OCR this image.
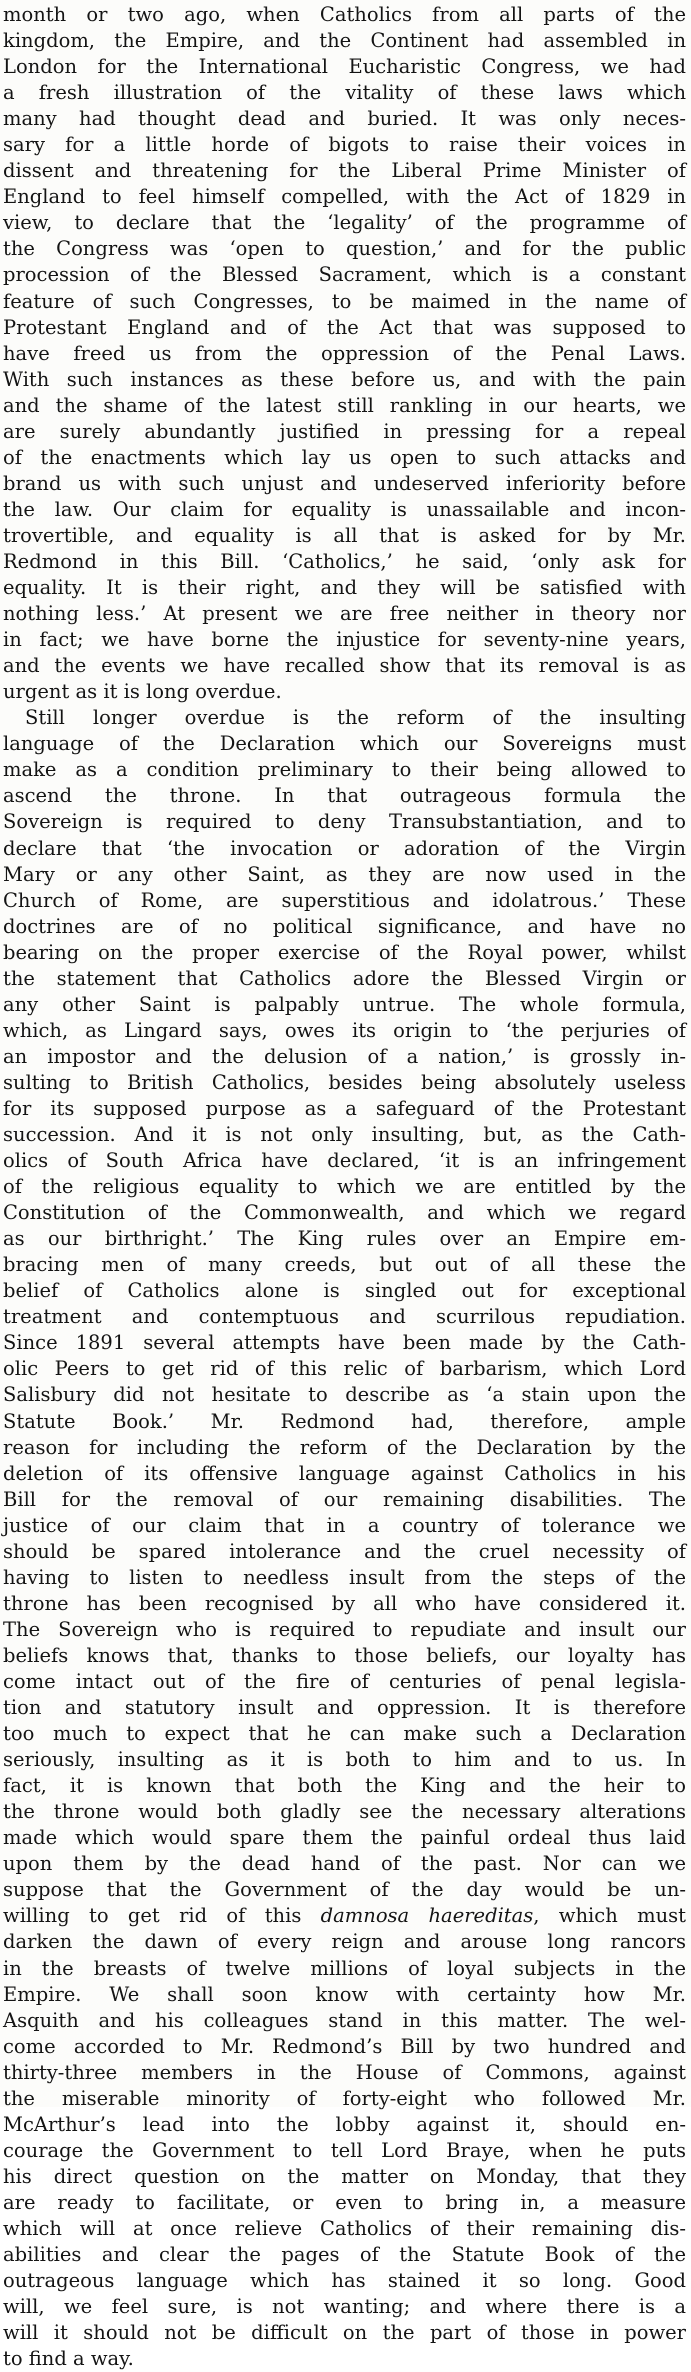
month or two ago, when Catholics from all parts of the
kingdom, the Empire, and the Continent had assembled in
London for the International Eucharistic Congress, we had
a fresh illustration of the vitality of these laws which
many had thought dead and buried. It was only neces-
sary for a little horde of bigots to raise their voices in
dissent and threatening for the Liberal Prime Minister of
England to feel himself compelled, with the Act of 1829 in
view, to declare that the ‘legality’ of the programme of
the Congress was ‘open to question,’ and for the public
procession of the Blessed Sacrament, which is a constant
feature of such Congresses, to be maimed in the name of
Protestant England and of the Act that was supposed to
have freed us from the oppression of the Penal Laws.
With such instances as these before us, and with the pain
and the shame of the latest still rankling in our hearts, we
are surely abundantly justified in pressing for a repeal
of the enactments which lay us open to such attacks and
brand us with such unjust and undeserved inferiority before
the law. Our claim for equality is unassailable and incon-
trovertible, and equality is all that is asked for by Mr.
Redmond in this Bill. ‘Catholics,’ he said, ‘only ask for
equality. It is their right, and they will be satisfied with
nothing less.’ At present we are free neither in theory nor
in fact; we have borne the injustice for seventy-nine years,
and the events we have recalled show that its removal is as
urgent as it is long overdue.
Still longer overdue is the reform of the insulting
language of the Declaration which our Sovereigns must
make as a condition preliminary to their being allowed to
ascend the throne. In that outrageous formula the
Sovereign is required to deny Transubstantiation, and to
declare that ‘the invocation or adoration of the Virgin
Mary or any other Saint, as they are now used in the
Church of Rome, are superstitious and idolatrous.’ These
doctrines are of no political significance, and have no
bearing on the proper exercise of the Royal power, whilst
the statement that Catholics adore the Blessed Virgin or
any other Saint is palpably untrue. The whole formula,
which, as Lingard says, owes its origin to ‘the perjuries of
an impostor and the delusion of a nation,’ is grossly in-
sulting to British Catholics, besides being absolutely useless
for its supposed purpose as a safeguard of the Protestant
succession. And it is not only insulting, but, as the Cath-
olics of South Africa have declared, ‘it is an infringement
of the religious equality to which we are entitled by the
Constitution of the Commonwealth, and which we regard
as our birthright.’ The King rules over an Empire em-
bracing men of many creeds, but out of all these the
belief of Catholics alone is singled out for exceptional
treatment and contemptuous and scurrilous repudiation.
Since 1891 several attempts have been made by the Cath-
olic Peers to get rid of this relic of barbarism, which Lord
Salisbury did not hesitate to describe as ‘a stain upon the
Statute Book.’ Mr. Redmond had, therefore, ample
reason for including the reform of the Declaration by the
deletion of its offensive language against Catholics in his
Bill for the removal of our remaining disabilities. The
justice of our claim that in a country of tolerance we
should be spared intolerance and the cruel necessity of
having to listen to needless insult from the steps of the
throne has been recognised by all who have considered it.
The Sovereign who is required to repudiate and insult our
beliefs knows that, thanks to those beliefs, our loyalty has
come intact out of the fire of centuries of penal legisla-
tion and statutory insult and oppression. It is therefore
too much to expect that he can make such a Declaration
seriously, insulting as it is both to him and to us. In
fact, it is known that both the King and the heir to
the throne would both gladly see the necessary alterations
made which would spare them the painful ordeal thus laid
upon them by the dead hand of the past. Nor can we
suppose that the Government of the day would be un-
willing to get rid of this damnosa haereditas, which must
darken the dawn of every reign and arouse long rancors
in the breasts of twelve millions of loyal subjects in the
Empire. We shall soon know with certainty how Mr.
Asquith and his colleagues stand in this matter. The wel-
come accorded to Mr. Redmond’s Bill by two hundred and
thirty-three members in the House of Commons, against
the miserable minority of forty-eight who followed Mr.
McArthur’s lead into the lobby against it, should en-
courage the Government to tell Lord Braye, when he puts
his direct question on the matter on Monday, that they
are ready to facilitate, or even to bring in, a measure
which will at once relieve Catholics of their remaining dis-
abilities and clear the pages of the Statute Book of the
outrageous language which has stained it so long. Good
will, we feel sure, is not wanting; and where there is a
will it should not be difficult on the part of those in power
to find a way.
